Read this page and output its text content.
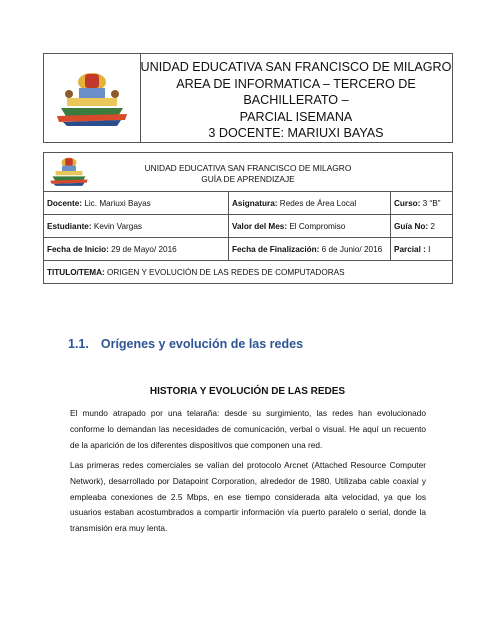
UNIDAD EDUCATIVA SAN FRANCISCO DE MILAGRO
AREA DE INFORMATICA – TERCERO DE BACHILLERATO –
PARCIAL ISEMANA
3 DOCENTE: MARIUXI BAYAS
UNIDAD EDUCATIVA SAN FRANCISCO DE MILAGRO
GUÍA DE APRENDIZAJE		

Docente: Lic. Mariuxi Bayas	Asignatura: Redes de Área Local	Curso: 3 “B”
Estudiante: Kevin Vargas	Valor del Mes: El Compromiso	Guía No: 2
Fecha de Inicio: 29 de Mayo/ 2016	Fecha de Finalización: 6 de Junio/ 2016	Parcial : I
TITULO/TEMA: ORIGEN Y EVOLUCIÓN DE LAS REDES DE COMPUTADORAS		
1.1. Orígenes y evolución de las redes
HISTORIA Y EVOLUCIÓN DE LAS REDES

El mundo atrapado por una telaraña: desde su surgimiento, las redes han evolucionado conforme lo demandan las necesidades de comunicación, verbal o visual. He aquí un recuento de la aparición de los diferentes dispositivos que componen una red.

Las primeras redes comerciales se valían del protocolo Arcnet (Attached Resource Computer Network), desarrollado por Datapoint Corporation, alrededor de 1980. Utilizaba cable coaxial y empleaba conexiones de 2.5 Mbps, en ese tiempo considerada alta velocidad, ya que los usuarios estaban acostumbrados a compartir información vía puerto paralelo o serial, donde la transmisión era muy lenta.
